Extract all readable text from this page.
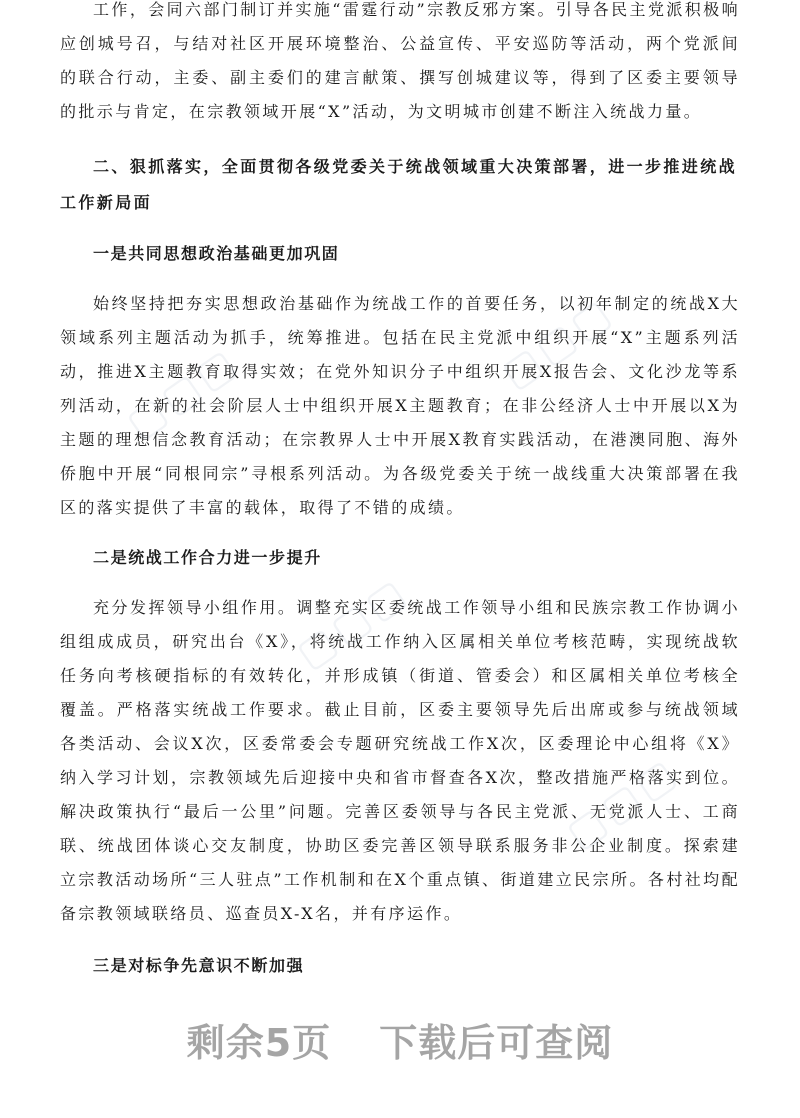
工作，会同六部门制订并实施“雷霆行动”宗教反邪方案。引导各民主党派积极响应创城号召，与结对社区开展环境整治、公益宣传、平安巡防等活动，两个党派间的联合行动，主委、副主委们的建言献策、撰写创城建议等，得到了区委主要领导的批示与肯定，在宗教领域开展“X”活动，为文明城市创建不断注入统战力量。

二、狠抓落实，全面贯彻各级党委关于统战领域重大决策部署，进一步推进统战工作新局面

一是共同思想政治基础更加巩固

始终坚持把夯实思想政治基础作为统战工作的首要任务，以初年制定的统战X大领域系列主题活动为抓手，统筹推进。包括在民主党派中组织开展“X”主题系列活动，推进X主题教育取得实效；在党外知识分子中组织开展X报告会、文化沙龙等系列活动，在新的社会阶层人士中组织开展X主题教育；在非公经济人士中开展以X为主题的理想信念教育活动；在宗教界人士中开展X教育实践活动，在港澳同胞、海外侨胞中开展“同根同宗”寻根系列活动。为各级党委关于统一战线重大决策部署在我区的落实提供了丰富的载体，取得了不错的成绩。

二是统战工作合力进一步提升

充分发挥领导小组作用。调整充实区委统战工作领导小组和民族宗教工作协调小组组成成员，研究出台《X》，将统战工作纳入区属相关单位考核范畴，实现统战软任务向考核硬指标的有效转化，并形成镇（街道、管委会）和区属相关单位考核全覆盖。严格落实统战工作要求。截止目前，区委主要领导先后出席或参与统战领域各类活动、会议X次，区委常委会专题研究统战工作X次，区委理论中心组将《X》纳入学习计划，宗教领域先后迎接中央和省市督查各X次，整改措施严格落实到位。解决政策执行“最后一公里”问题。完善区委领导与各民主党派、无党派人士、工商联、统战团体谈心交友制度，协助区委完善区领导联系服务非公企业制度。探索建立宗教活动场所“三人驻点”工作机制和在X个重点镇、街道建立民宗所。各村社均配备宗教领域联络员、巡查员X-X名，并有序运作。

三是对标争先意识不断加强

▢▢▢	▢▢▢
▢▢▢
▢▢▢
剩余5页 下载后可查阅
